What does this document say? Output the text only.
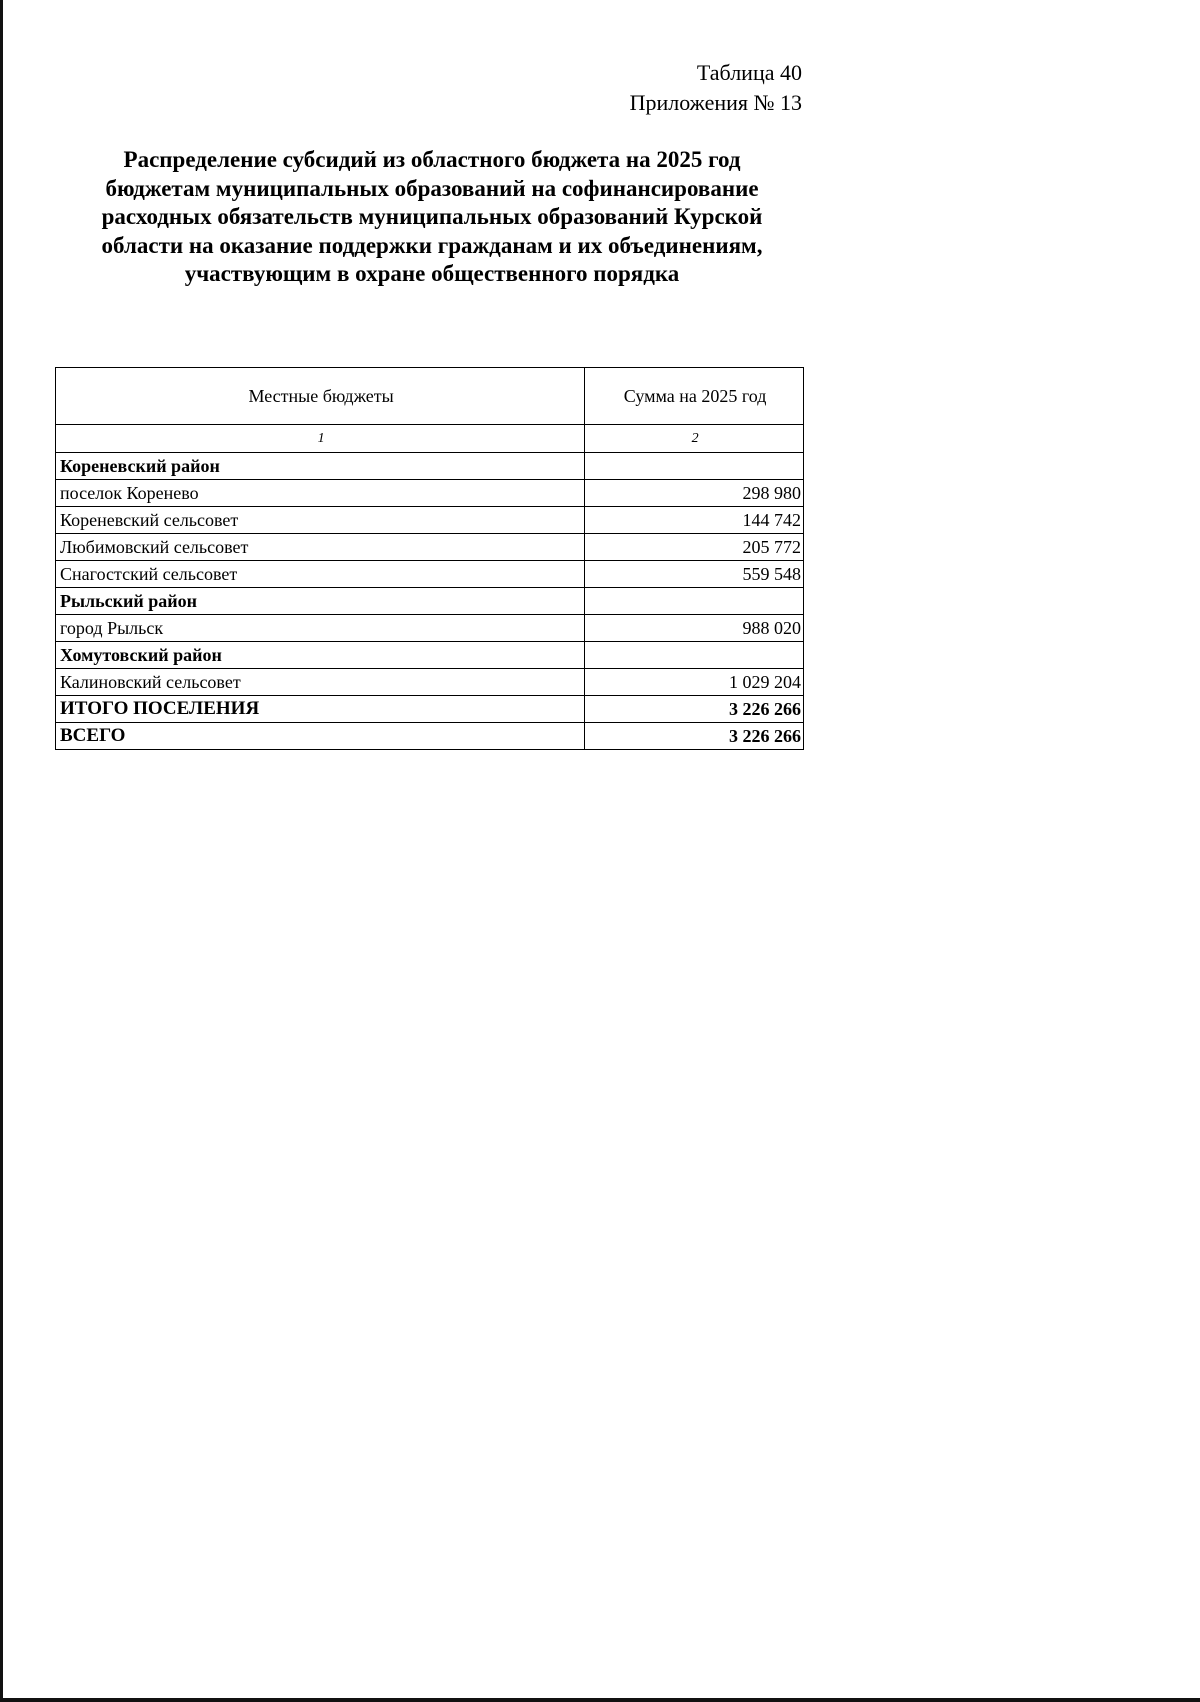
Таблица 40
Приложения № 13
Распределение субсидий из областного бюджета на 2025 год
бюджетам муниципальных образований на софинансирование
расходных обязательств муниципальных образований Курской
области на оказание поддержки гражданам и их объединениям,
участвующим в охране общественного порядка
Местные бюджеты	Сумма на 2025 год
1	2
Кореневский район	
поселок Коренево	298 980
Кореневский сельсовет	144 742
Любимовский сельсовет	205 772
Снагостский сельсовет	559 548
Рыльский район	
город Рыльск	988 020
Хомутовский район	
Калиновский сельсовет	1 029 204
ИТОГО ПОСЕЛЕНИЯ	3 226 266
ВСЕГО	3 226 266
